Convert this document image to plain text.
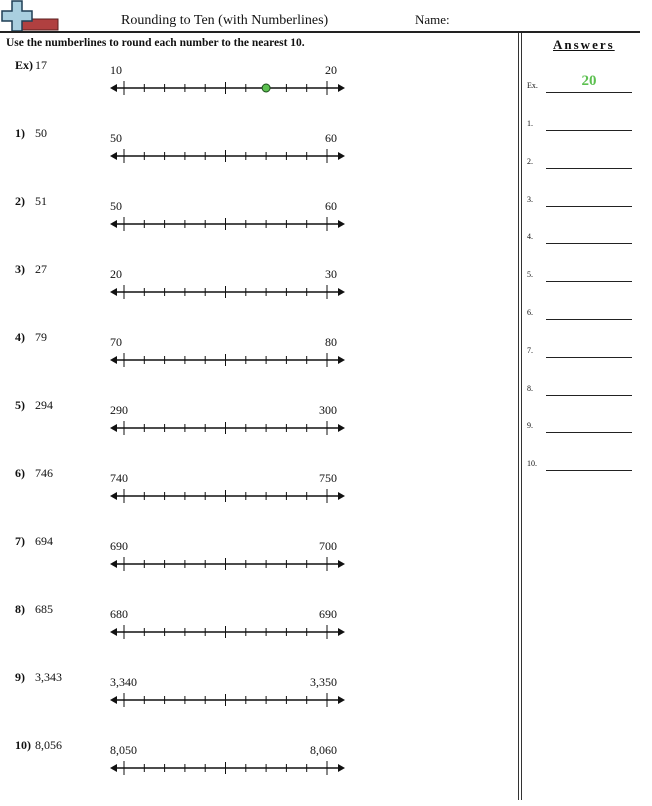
Rounding to Ten (with Numberlines)	Name:
Use the numberlines to round each number to the nearest 10.
Ex) 17	10	20
1) 50	50	60
2) 51	50	60
3) 27	20	30
4) 79	70	80
5) 294	290	300
6) 746	740	750
7) 694	690	700
8) 685	680	690
9) 3,343	3,340	3,350
10) 8,056	8,050	8,060
Answers
Ex.	20
1.
2.
3.
4.
5.
6.
7.
8.
9.
10.
